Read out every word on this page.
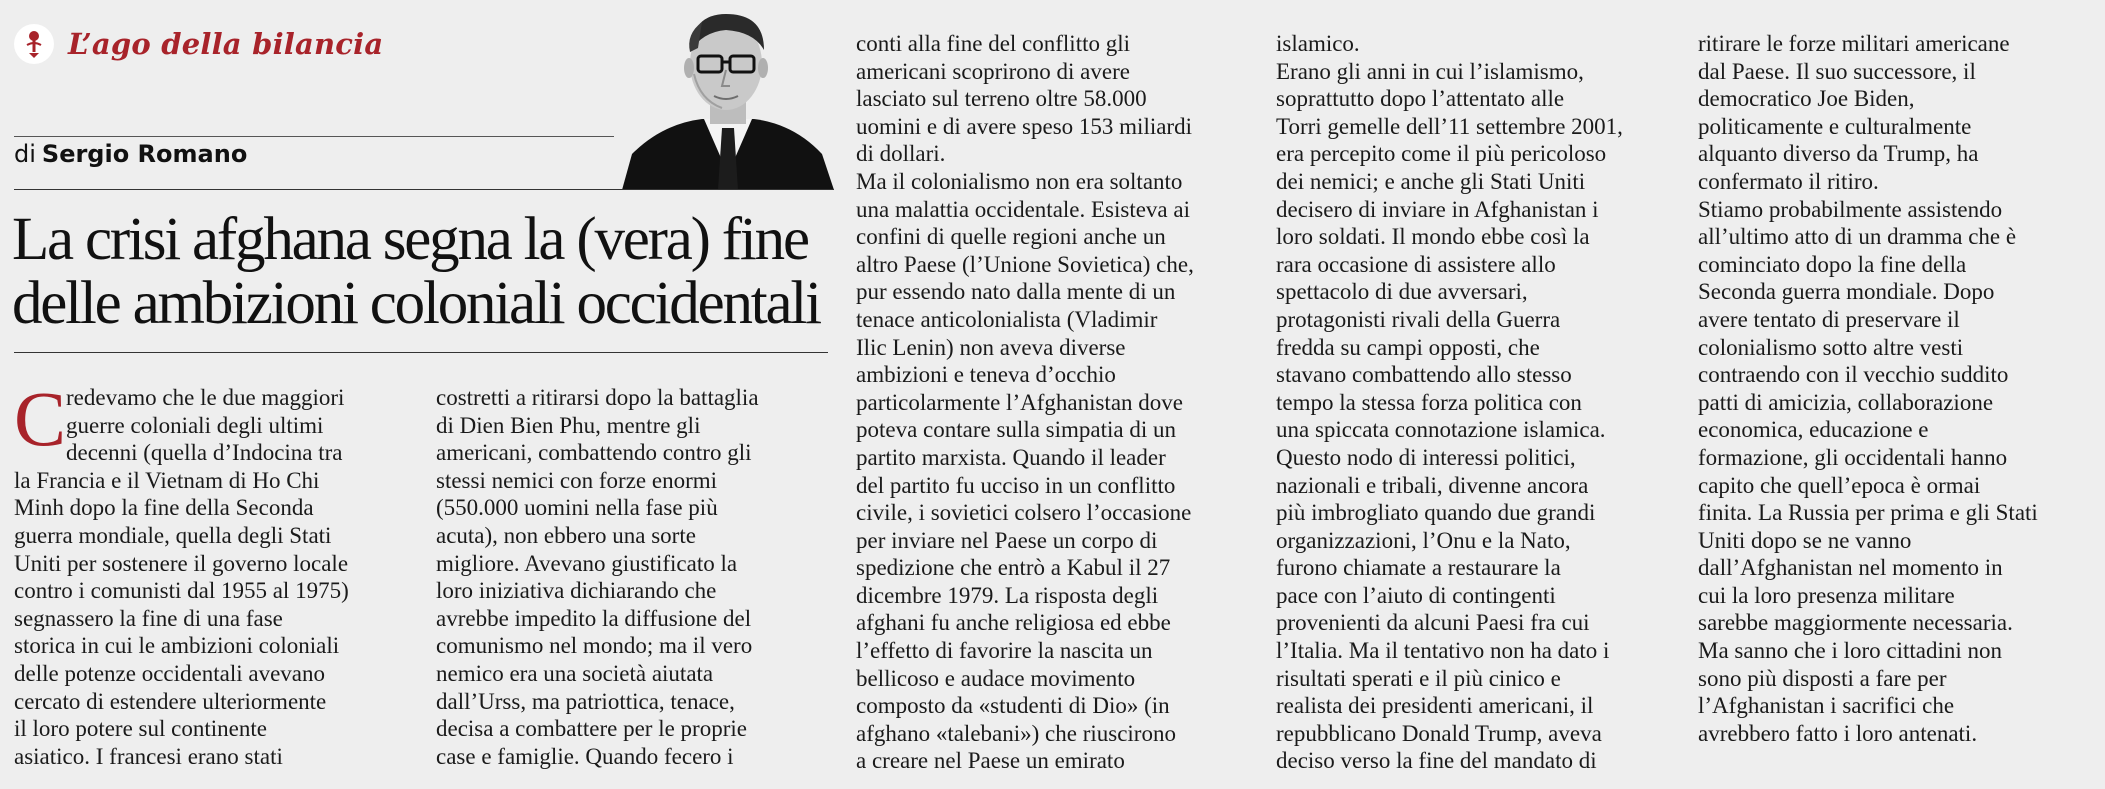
L’ago della bilancia
di Sergio Romano
La crisi afghana segna la (vera) fine
delle ambizioni coloniali occidentali
C redevamo che le due maggiori
guerre coloniali degli ultimi
decenni (quella d’Indocina tra
la Francia e il Vietnam di Ho Chi
Minh dopo la fine della Seconda
guerra mondiale, quella degli Stati
Uniti per sostenere il governo locale
contro i comunisti dal 1955 al 1975)
segnassero la fine di una fase
storica in cui le ambizioni coloniali
delle potenze occidentali avevano
cercato di estendere ulteriormente
il loro potere sul continente
asiatico. I francesi erano stati
costretti a ritirarsi dopo la battaglia
di Dien Bien Phu, mentre gli
americani, combattendo contro gli
stessi nemici con forze enormi
(550.000 uomini nella fase più
acuta), non ebbero una sorte
migliore. Avevano giustificato la
loro iniziativa dichiarando che
avrebbe impedito la diffusione del
comunismo nel mondo; ma il vero
nemico era una società aiutata
dall’Urss, ma patriottica, tenace,
decisa a combattere per le proprie
case e famiglie. Quando fecero i
conti alla fine del conflitto gli
americani scoprirono di avere
lasciato sul terreno oltre 58.000
uomini e di avere speso 153 miliardi
di dollari.
Ma il colonialismo non era soltanto
una malattia occidentale. Esisteva ai
confini di quelle regioni anche un
altro Paese (l’Unione Sovietica) che,
pur essendo nato dalla mente di un
tenace anticolonialista (Vladimir
Ilic Lenin) non aveva diverse
ambizioni e teneva d’occhio
particolarmente l’Afghanistan dove
poteva contare sulla simpatia di un
partito marxista. Quando il leader
del partito fu ucciso in un conflitto
civile, i sovietici colsero l’occasione
per inviare nel Paese un corpo di
spedizione che entrò a Kabul il 27
dicembre 1979. La risposta degli
afghani fu anche religiosa ed ebbe
l’effetto di favorire la nascita un
bellicoso e audace movimento
composto da «studenti di Dio» (in
afghano «talebani») che riuscirono
a creare nel Paese un emirato
islamico.
Erano gli anni in cui l’islamismo,
soprattutto dopo l’attentato alle
Torri gemelle dell’11 settembre 2001,
era percepito come il più pericoloso
dei nemici; e anche gli Stati Uniti
decisero di inviare in Afghanistan i
loro soldati. Il mondo ebbe così la
rara occasione di assistere allo
spettacolo di due avversari,
protagonisti rivali della Guerra
fredda su campi opposti, che
stavano combattendo allo stesso
tempo la stessa forza politica con
una spiccata connotazione islamica.
Questo nodo di interessi politici,
nazionali e tribali, divenne ancora
più imbrogliato quando due grandi
organizzazioni, l’Onu e la Nato,
furono chiamate a restaurare la
pace con l’aiuto di contingenti
provenienti da alcuni Paesi fra cui
l’Italia. Ma il tentativo non ha dato i
risultati sperati e il più cinico e
realista dei presidenti americani, il
repubblicano Donald Trump, aveva
deciso verso la fine del mandato di
ritirare le forze militari americane
dal Paese. Il suo successore, il
democratico Joe Biden,
politicamente e culturalmente
alquanto diverso da Trump, ha
confermato il ritiro.
Stiamo probabilmente assistendo
all’ultimo atto di un dramma che è
cominciato dopo la fine della
Seconda guerra mondiale. Dopo
avere tentato di preservare il
colonialismo sotto altre vesti
contraendo con il vecchio suddito
patti di amicizia, collaborazione
economica, educazione e
formazione, gli occidentali hanno
capito che quell’epoca è ormai
finita. La Russia per prima e gli Stati
Uniti dopo se ne vanno
dall’Afghanistan nel momento in
cui la loro presenza militare
sarebbe maggiormente necessaria.
Ma sanno che i loro cittadini non
sono più disposti a fare per
l’Afghanistan i sacrifici che
avrebbero fatto i loro antenati.
